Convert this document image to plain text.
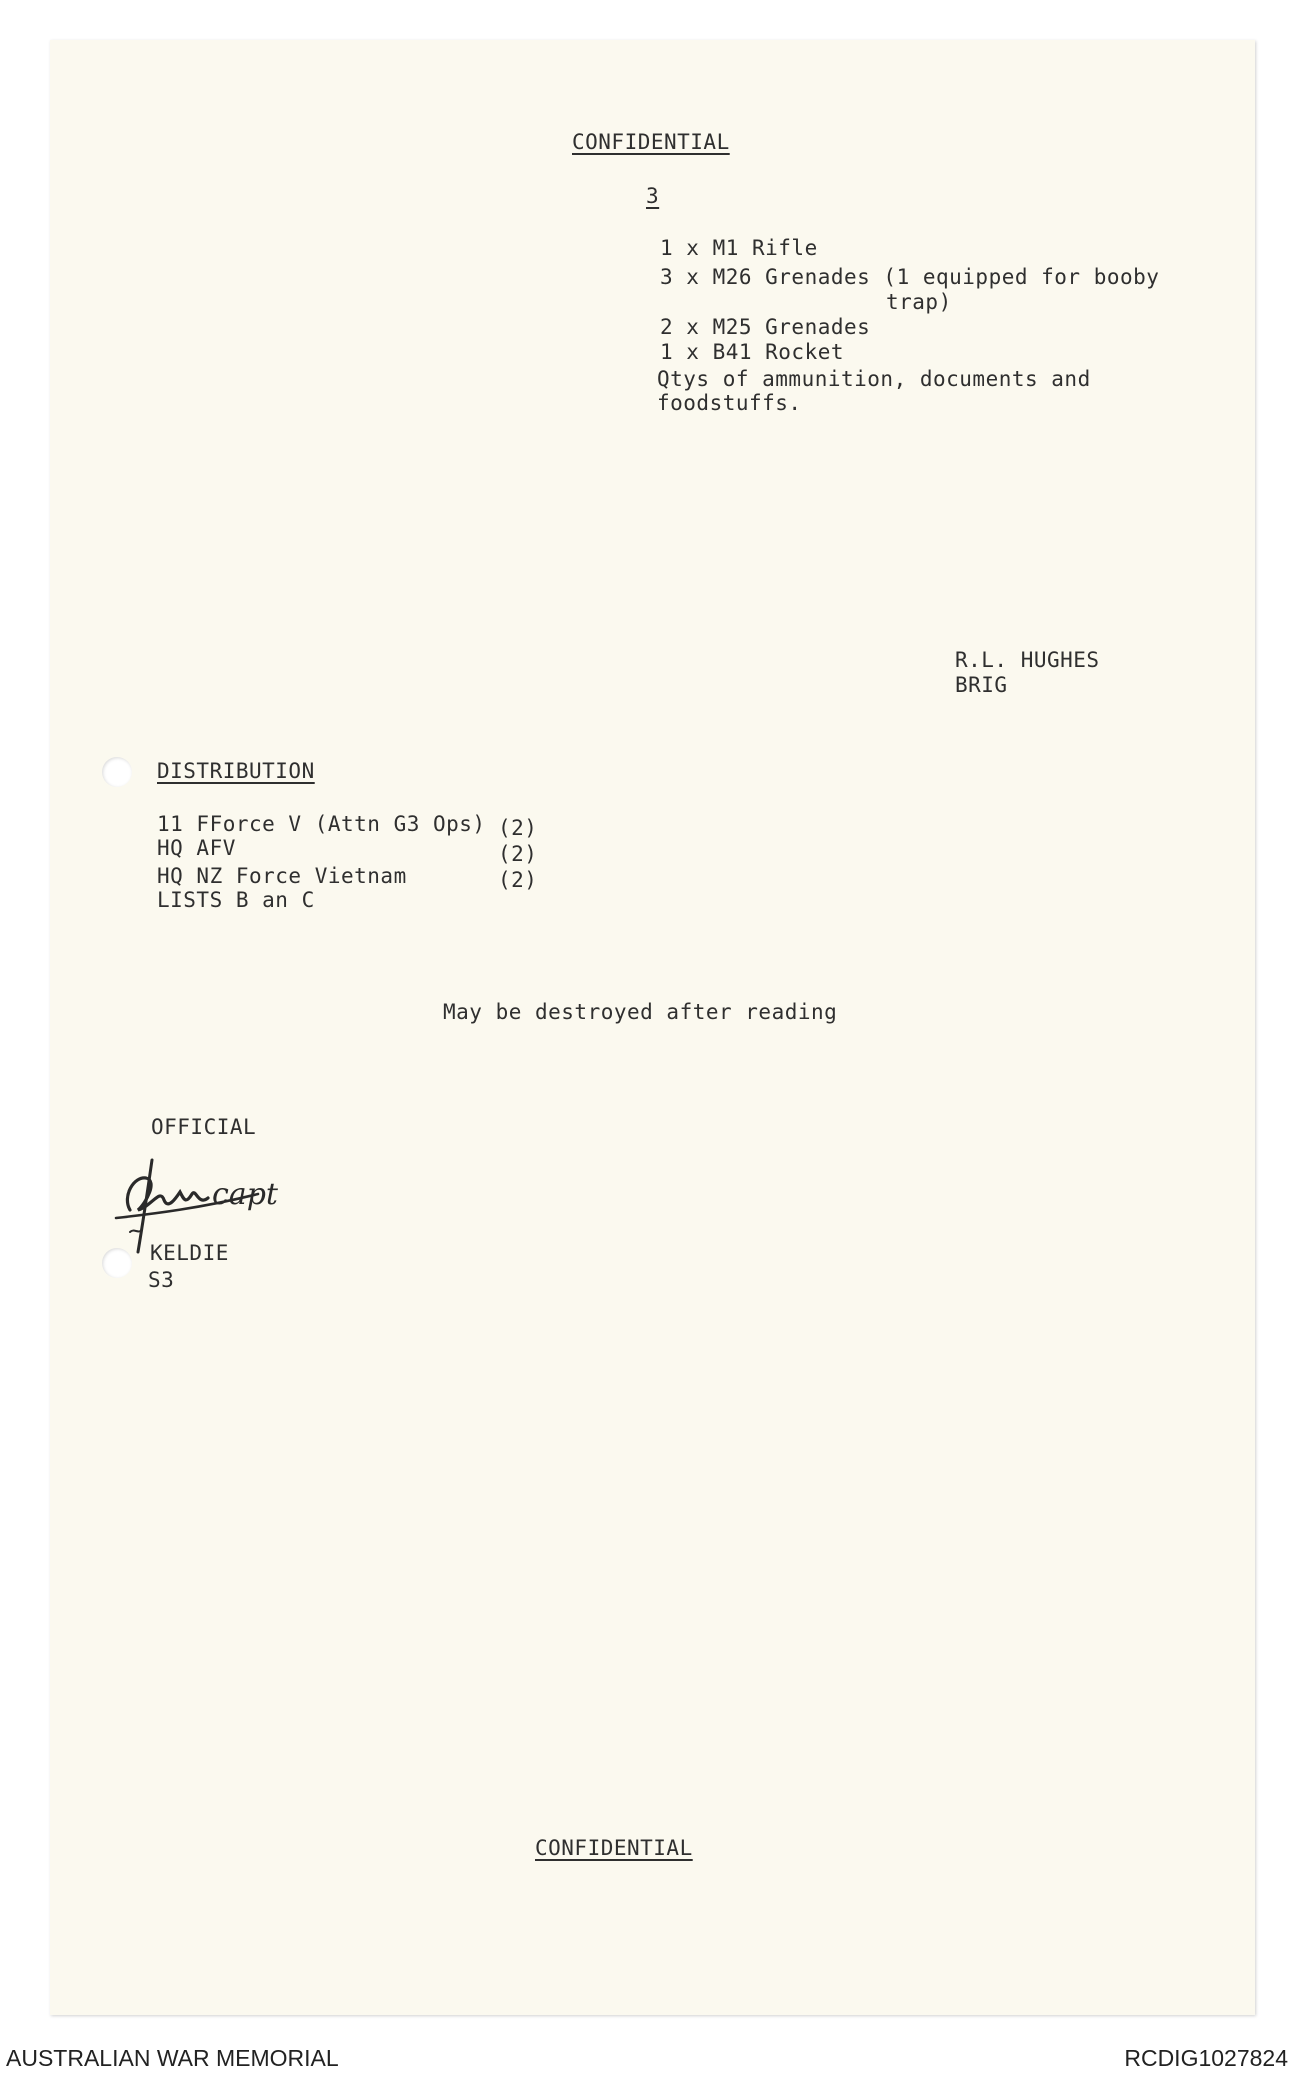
CONFIDENTIAL
3
1 x M1 Rifle
3 x M26 Grenades (1 equipped for booby
trap)
2 x M25 Grenades
1 x B41 Rocket
Qtys of ammunition, documents and
foodstuffs.
R.L. HUGHES
BRIG
DISTRIBUTION
11 FForce V (Attn G3 Ops) (2)
HQ AFV	(2)
HQ NZ Force Vietnam	(2)
LISTS B an C
May be destroyed after reading
OFFICIAL
capt
KELDIE
S3
CONFIDENTIAL
AUSTRALIAN WAR MEMORIAL	RCDIG1027824
